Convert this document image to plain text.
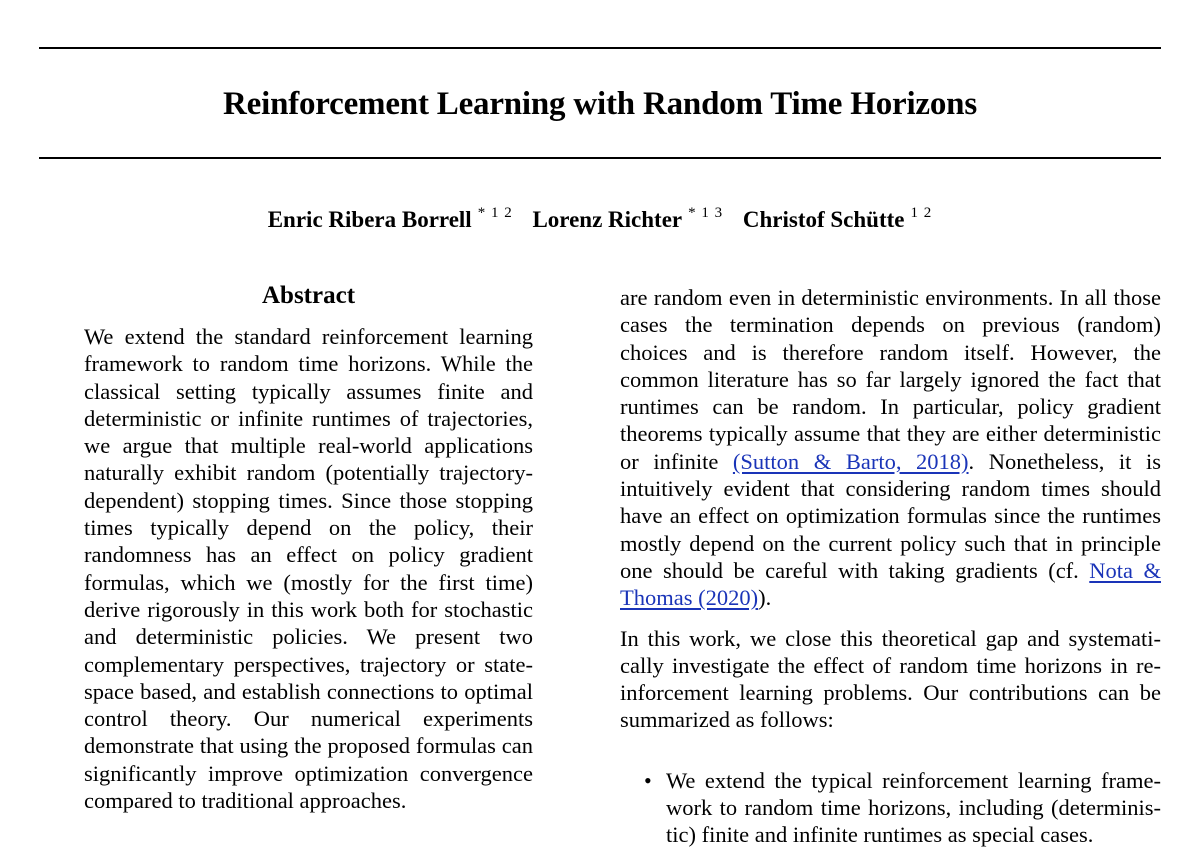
Reinforcement Learning with Random Time Horizons
Enric Ribera Borrell $^{* 1 2}$ Lorenz Richter $^{* 1 3}$ Christof Schütte $^{1 2}$
Abstract

We extend the standard reinforcement learning framework to random time horizons. While the classical setting typically assumes finite and deterministic or infinite runtimes of trajectories, we argue that multiple real-world applications naturally exhibit random (potentially trajectory-dependent) stopping times. Since those stopping times typically depend on the policy, their randomness has an effect on policy gradient formulas, which we (mostly for the first time) derive rigorously in this work both for stochastic and deterministic policies. We present two complementary perspectives, trajectory or state-space based, and establish connections to optimal control theory. Our numerical experiments demonstrate that using the proposed formulas can significantly improve optimization convergence compared to traditional approaches.

are random even in deterministic environments. In all those cases the termination depends on previous (random) choices and is therefore random itself. However, the common literature has so far largely ignored the fact that runtimes can be random. In particular, policy gradient theorems typically assume that they are either deterministic or infinite (Sutton & Barto, 2018). Nonetheless, it is intuitively evident that considering random times should have an effect on optimization formulas since the runtimes mostly depend on the current policy such that in principle one should be careful with taking gradients (cf. Nota & Thomas (2020)).

In this work, we close this theoretical gap and systematically investigate the effect of random time horizons in reinforcement learning problems. Our contributions can be summarized as follows:

• We extend the typical reinforcement learning framework to random time horizons, including (deterministic) finite and infinite runtimes as special cases.
